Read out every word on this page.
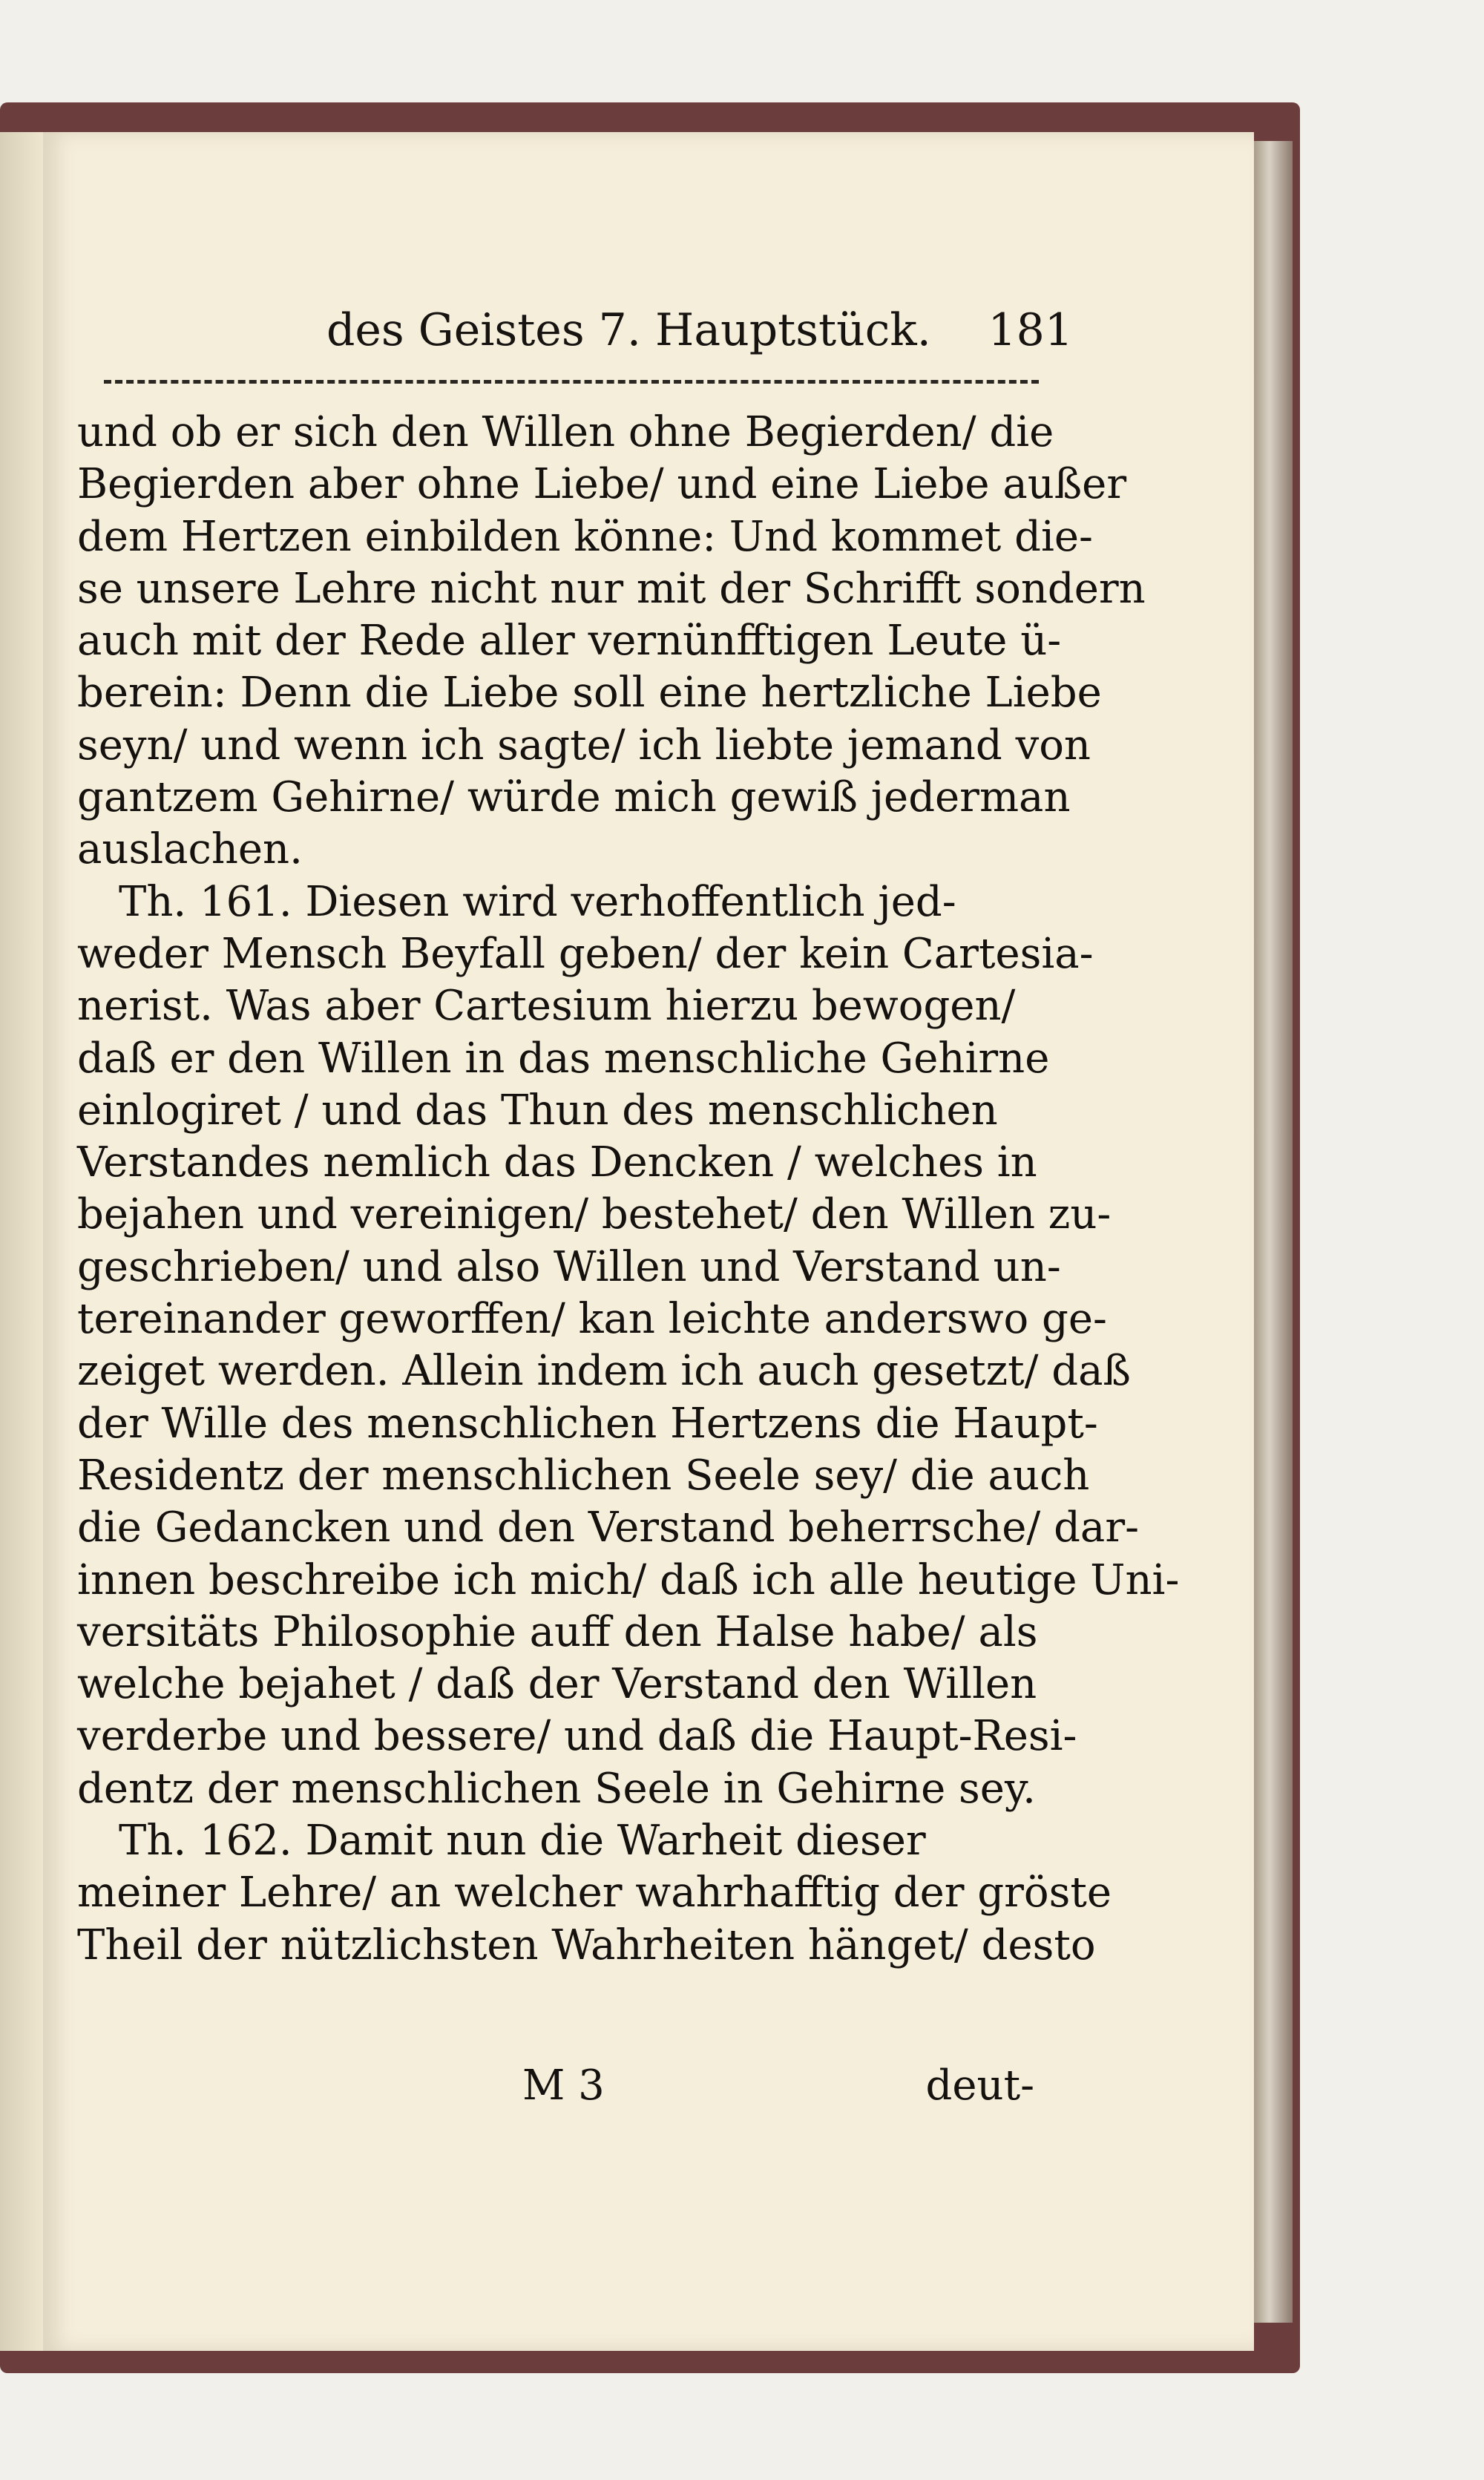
des Geistes 7. Hauptstück. 181
und ob er sich den Willen ohne Begierden/ die
Begierden aber ohne Liebe/ und eine Liebe außer
dem Hertzen einbilden könne: Und kommet die-
se unsere Lehre nicht nur mit der Schrifft sondern
auch mit der Rede aller vernünfftigen Leute ü-
berein: Denn die Liebe soll eine hertzliche Liebe
seyn/ und wenn ich sagte/ ich liebte jemand von
gantzem Gehirne/ würde mich gewiß jederman
auslachen.
Th. 161. Diesen wird verhoffentlich jed-
weder Mensch Beyfall geben/ der kein Cartesia-
nerist. Was aber Cartesium hierzu bewogen/
daß er den Willen in das menschliche Gehirne
einlogiret / und das Thun des menschlichen
Verstandes nemlich das Dencken / welches in
bejahen und vereinigen/ bestehet/ den Willen zu-
geschrieben/ und also Willen und Verstand un-
tereinander geworffen/ kan leichte anderswo ge-
zeiget werden. Allein indem ich auch gesetzt/ daß
der Wille des menschlichen Hertzens die Haupt-
Residentz der menschlichen Seele sey/ die auch
die Gedancken und den Verstand beherrsche/ dar-
innen beschreibe ich mich/ daß ich alle heutige Uni-
versitäts Philosophie auff den Halse habe/ als
welche bejahet / daß der Verstand den Willen
verderbe und bessere/ und daß die Haupt-Resi-
dentz der menschlichen Seele in Gehirne sey.
Th. 162. Damit nun die Warheit dieser
meiner Lehre/ an welcher wahrhafftig der gröste
Theil der nützlichsten Wahrheiten hänget/ desto
M 3	deut-
